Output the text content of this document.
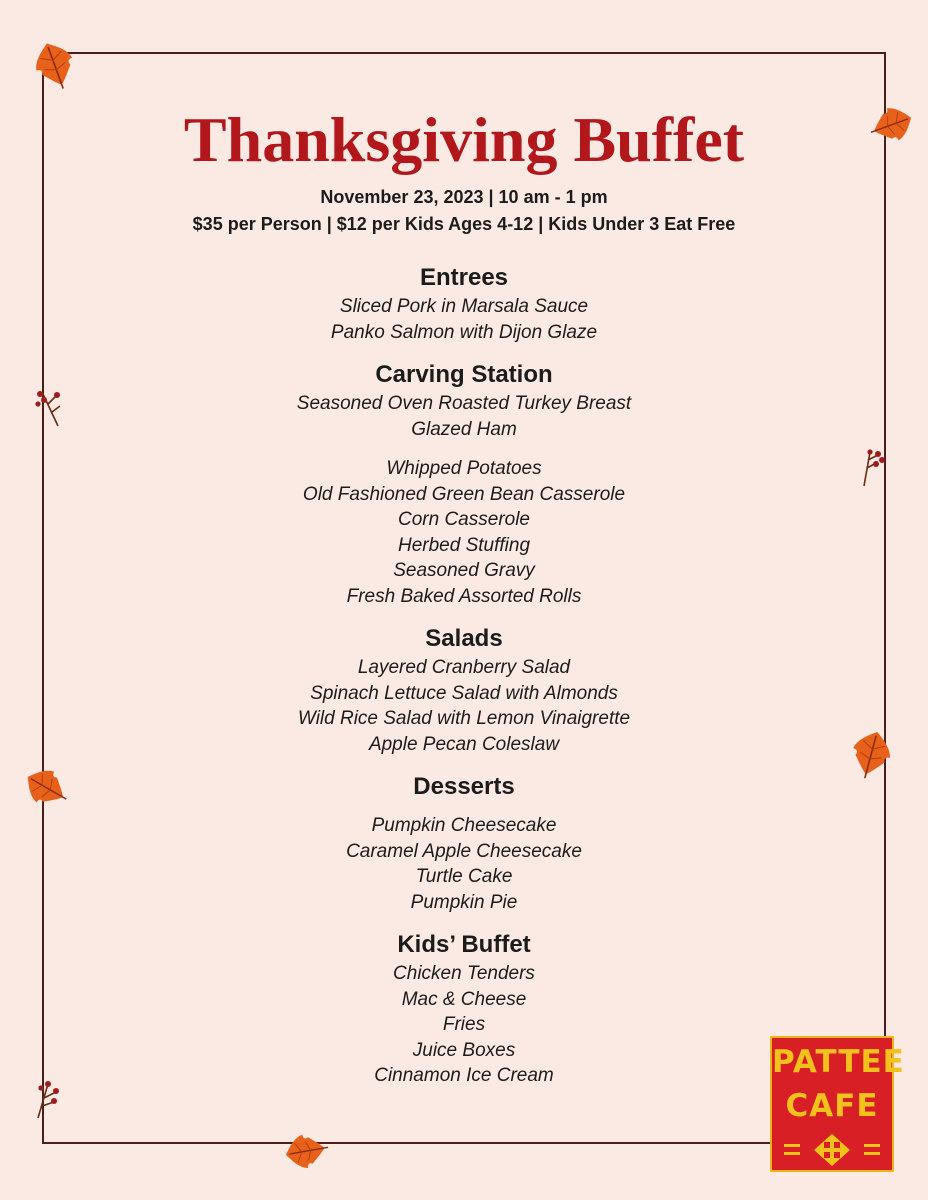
Thanksgiving Buffet
November 23, 2023 | 10 am - 1 pm
$35 per Person | $12 per Kids Ages 4-12 | Kids Under 3 Eat Free

Entrees

Sliced Pork in Marsala Sauce

Panko Salmon with Dijon Glaze

Carving Station

Seasoned Oven Roasted Turkey Breast

Glazed Ham

Whipped Potatoes

Old Fashioned Green Bean Casserole

Corn Casserole

Herbed Stuffing

Seasoned Gravy

Fresh Baked Assorted Rolls

Salads

Layered Cranberry Salad

Spinach Lettuce Salad with Almonds

Wild Rice Salad with Lemon Vinaigrette

Apple Pecan Coleslaw

Desserts

Pumpkin Cheesecake

Caramel Apple Cheesecake

Turtle Cake

Pumpkin Pie

Kids’ Buffet

Chicken Tenders

Mac & Cheese

Fries

Juice Boxes

Cinnamon Ice Cream	PATTEE
CAFE
